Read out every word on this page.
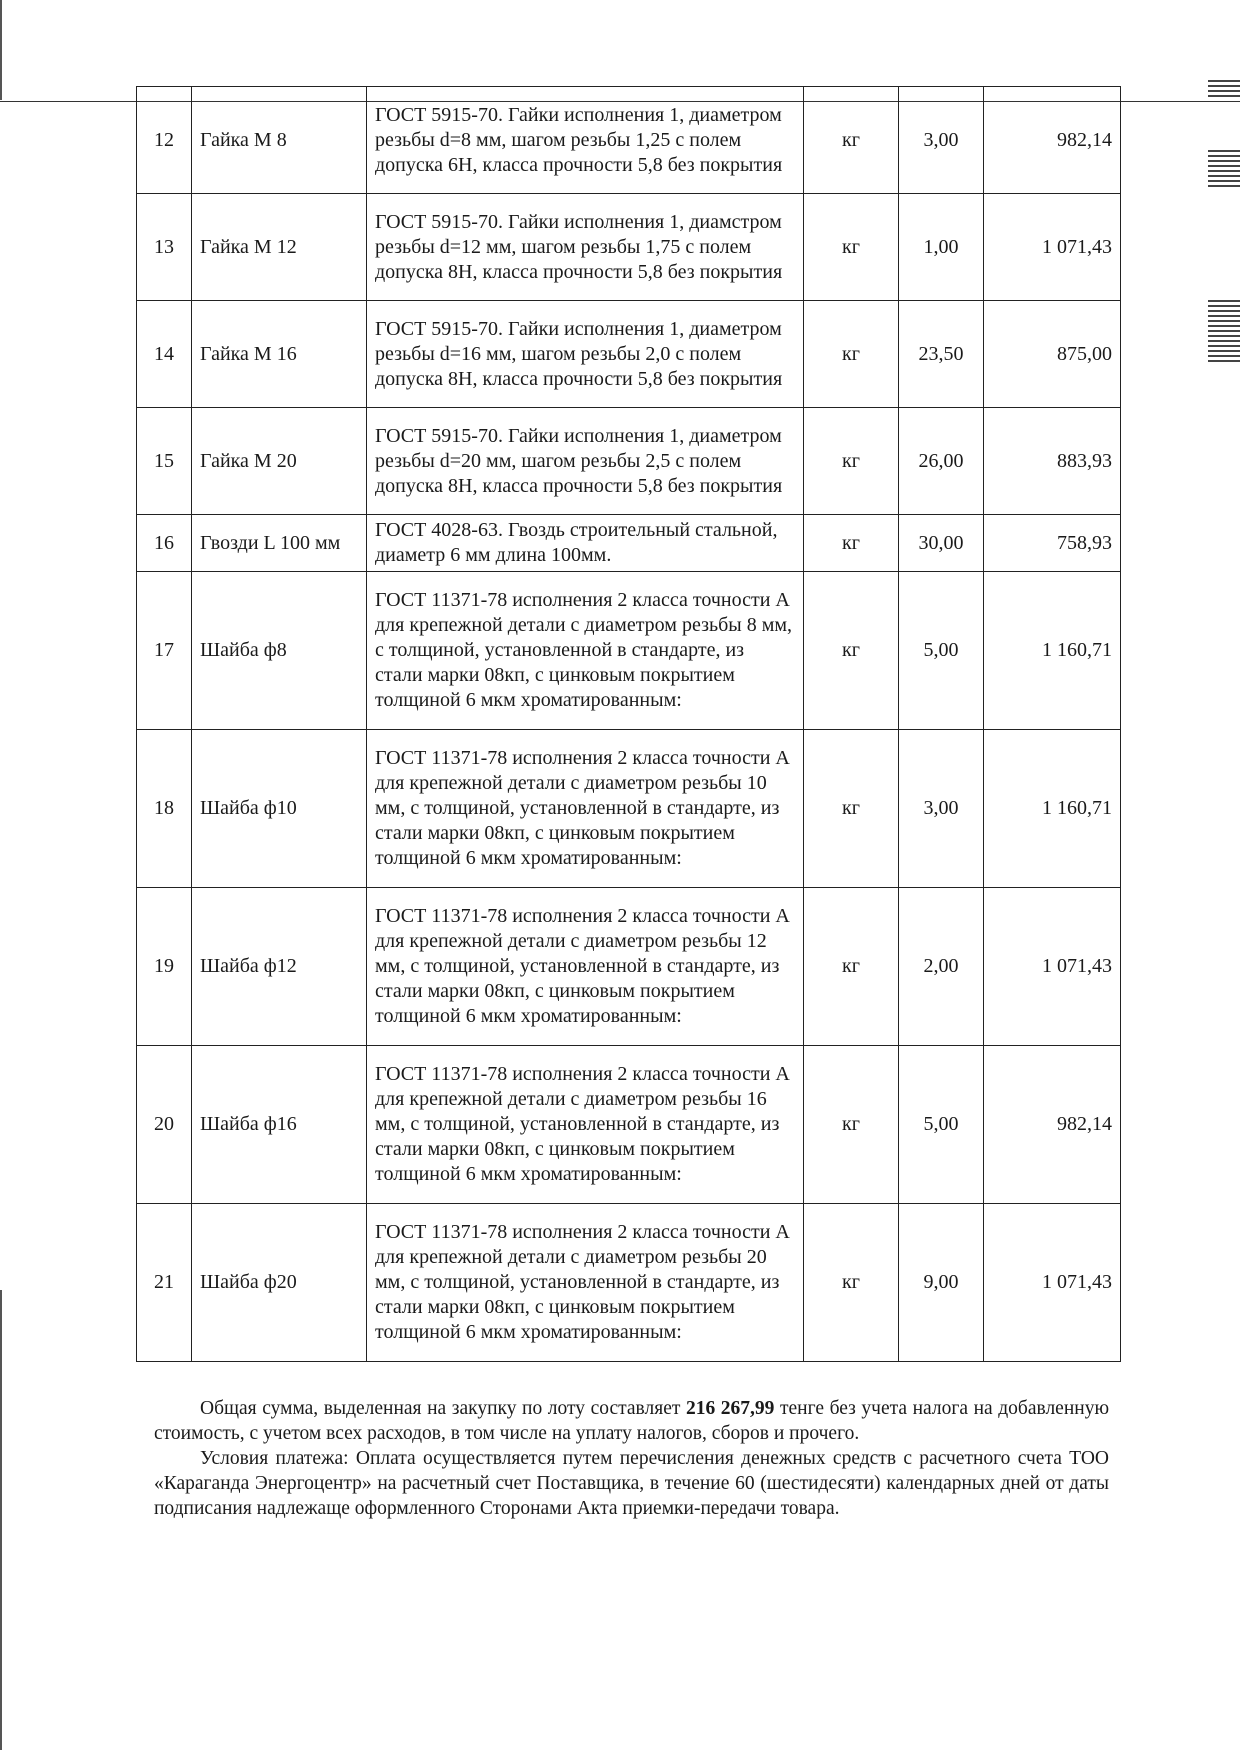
12	Гайка М 8	ГОСТ 5915-70. Гайки исполнения 1, диаметром резьбы d=8 мм, шагом резьбы 1,25 с полем допуска 6H, класса прочности 5,8 без покрытия	кг	3,00	982,14
13	Гайка М 12	ГОСТ 5915-70. Гайки исполнения 1, диамстром резьбы d=12 мм, шагом резьбы 1,75 с полем допуска 8H, класса прочности 5,8 без покрытия	кг	1,00	1 071,43
14	Гайка М 16	ГОСТ 5915-70. Гайки исполнения 1, диаметром резьбы d=16 мм, шагом резьбы 2,0 с полем допуска 8H, класса прочности 5,8 без покрытия	кг	23,50	875,00
15	Гайка М 20	ГОСТ 5915-70. Гайки исполнения 1, диаметром резьбы d=20 мм, шагом резьбы 2,5 с полем допуска 8H, класса прочности 5,8 без покрытия	кг	26,00	883,93
16	Гвозди L 100 мм	ГОСТ 4028-63. Гвоздь строительный стальной, диаметр 6 мм длина 100мм.	кг	30,00	758,93
17	Шайба ф8	ГОСТ 11371-78 исполнения 2 класса точности А для крепежной детали с диаметром резьбы 8 мм, с толщиной, установленной в стандарте, из стали марки 08кп, с цинковым покрытием толщиной 6 мкм хроматированным:	кг	5,00	1 160,71
18	Шайба ф10	ГОСТ 11371-78 исполнения 2 класса точности А для крепежной детали с диаметром резьбы 10 мм, с толщиной, установленной в стандарте, из стали марки 08кп, с цинковым покрытием толщиной 6 мкм хроматированным:	кг	3,00	1 160,71
19	Шайба ф12	ГОСТ 11371-78 исполнения 2 класса точности А для крепежной детали с диаметром резьбы 12 мм, с толщиной, установленной в стандарте, из стали марки 08кп, с цинковым покрытием толщиной 6 мкм хроматированным:	кг	2,00	1 071,43
20	Шайба ф16	ГОСТ 11371-78 исполнения 2 класса точности А для крепежной детали с диаметром резьбы 16 мм, с толщиной, установленной в стандарте, из стали марки 08кп, с цинковым покрытием толщиной 6 мкм хроматированным:	кг	5,00	982,14
21	Шайба ф20	ГОСТ 11371-78 исполнения 2 класса точности А для крепежной детали с диаметром резьбы 20 мм, с толщиной, установленной в стандарте, из стали марки 08кп, с цинковым покрытием толщиной 6 мкм хроматированным:	кг	9,00	1 071,43

Общая сумма, выделенная на закупку по лоту составляет 216 267,99 тенге без учета налога на добавленную стоимость, с учетом всех расходов, в том числе на уплату налогов, сборов и прочего.

Условия платежа: Оплата осуществляется путем перечисления денежных средств с расчетного счета ТОО «Караганда Энергоцентр» на расчетный счет Поставщика, в течение 60 (шестидесяти) календарных дней от даты подписания надлежаще оформленного Сторонами Акта приемки-передачи товара.
